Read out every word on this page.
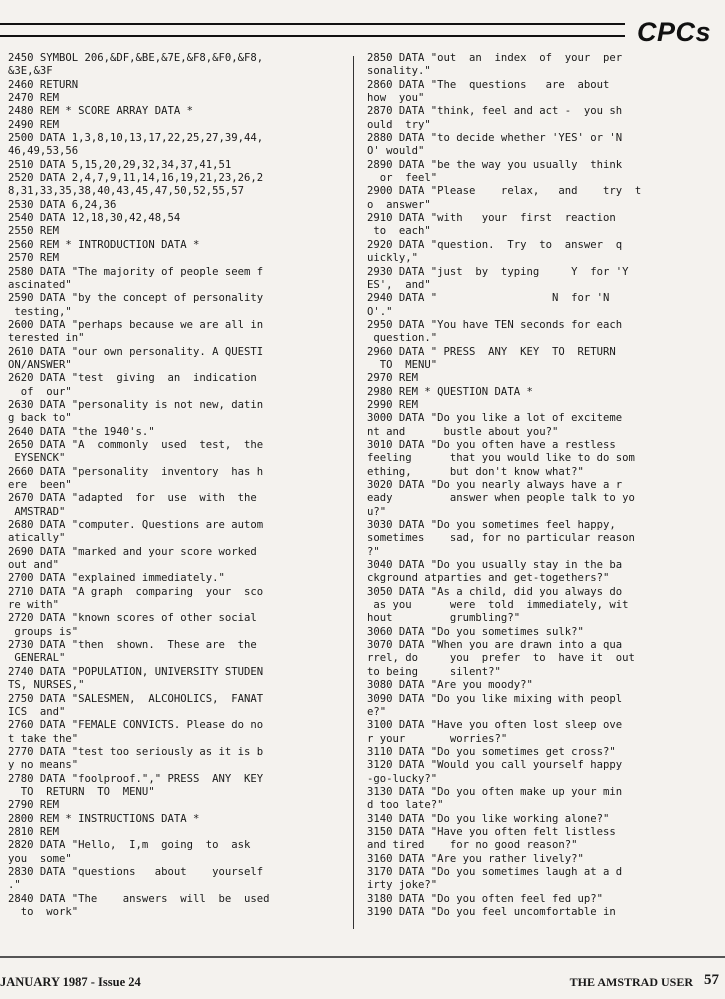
CPCs
2450 SYMBOL 206,&DF,&BE,&7E,&F8,&F0,&F8,
&3E,&3F
2460 RETURN
2470 REM
2480 REM * SCORE ARRAY DATA *
2490 REM
2500 DATA 1,3,8,10,13,17,22,25,27,39,44,
46,49,53,56
2510 DATA 5,15,20,29,32,34,37,41,51
2520 DATA 2,4,7,9,11,14,16,19,21,23,26,2
8,31,33,35,38,40,43,45,47,50,52,55,57
2530 DATA 6,24,36
2540 DATA 12,18,30,42,48,54
2550 REM
2560 REM * INTRODUCTION DATA *
2570 REM
2580 DATA "The majority of people seem f
ascinated"
2590 DATA "by the concept of personality
testing,"
2600 DATA "perhaps because we are all in
terested in"
2610 DATA "our own personality. A QUESTI
ON/ANSWER"
2620 DATA "test  giving  an  indication
of  our"
2630 DATA "personality is not new, datin
g back to"
2640 DATA "the 1940's."
2650 DATA "A  commonly  used  test,  the
EYSENCK"
2660 DATA "personality  inventory  has h
ere  been"
2670 DATA "adapted  for  use  with  the
AMSTRAD"
2680 DATA "computer. Questions are autom
atically"
2690 DATA "marked and your score worked
out and"
2700 DATA "explained immediately."
2710 DATA "A graph  comparing  your  sco
re with"
2720 DATA "known scores of other social
groups is"
2730 DATA "then  shown.  These are  the
GENERAL"
2740 DATA "POPULATION, UNIVERSITY STUDEN
TS, NURSES,"
2750 DATA "SALESMEN,  ALCOHOLICS,  FANAT
ICS  and"
2760 DATA "FEMALE CONVICTS. Please do no
t take the"
2770 DATA "test too seriously as it is b
y no means"
2780 DATA "foolproof."," PRESS  ANY  KEY
TO  RETURN  TO  MENU"
2790 REM
2800 REM * INSTRUCTIONS DATA *
2810 REM
2820 DATA "Hello,  I,m  going  to  ask
you  some"
2830 DATA "questions   about    yourself
."
2840 DATA "The    answers  will  be  used
to  work"
2850 DATA "out  an  index  of  your  per
sonality."
2860 DATA "The  questions   are  about
how  you"
2870 DATA "think, feel and act -  you sh
ould  try"
2880 DATA "to decide whether 'YES' or 'N
O' would"
2890 DATA "be the way you usually  think
or  feel"
2900 DATA "Please    relax,   and    try  t
o  answer"
2910 DATA "with   your  first  reaction
to  each"
2920 DATA "question.  Try  to  answer  q
uickly,"
2930 DATA "just  by  typing     Y  for 'Y
ES',  and"
2940 DATA "                  N  for 'N
O'."
2950 DATA "You have TEN seconds for each
question."
2960 DATA " PRESS  ANY  KEY  TO  RETURN
TO  MENU"
2970 REM
2980 REM * QUESTION DATA *
2990 REM
3000 DATA "Do you like a lot of exciteme
nt and      bustle about you?"
3010 DATA "Do you often have a restless
feeling      that you would like to do som
ething,      but don't know what?"
3020 DATA "Do you nearly always have a r
eady         answer when people talk to yo
u?"
3030 DATA "Do you sometimes feel happy,
sometimes    sad, for no particular reason
?"
3040 DATA "Do you usually stay in the ba
ckground atparties and get-togethers?"
3050 DATA "As a child, did you always do
as you      were  told  immediately, wit
hout         grumbling?"
3060 DATA "Do you sometimes sulk?"
3070 DATA "When you are drawn into a qua
rrel, do     you  prefer  to  have it  out
to being     silent?"
3080 DATA "Are you moody?"
3090 DATA "Do you like mixing with peopl
e?"
3100 DATA "Have you often lost sleep ove
r your       worries?"
3110 DATA "Do you sometimes get cross?"
3120 DATA "Would you call yourself happy
-go-lucky?"
3130 DATA "Do you often make up your min
d too late?"
3140 DATA "Do you like working alone?"
3150 DATA "Have you often felt listless
and tired    for no good reason?"
3160 DATA "Are you rather lively?"
3170 DATA "Do you sometimes laugh at a d
irty joke?"
3180 DATA "Do you often feel fed up?"
3190 DATA "Do you feel uncomfortable in
JANUARY 1987 - Issue 24	THE AMSTRAD USER 57
